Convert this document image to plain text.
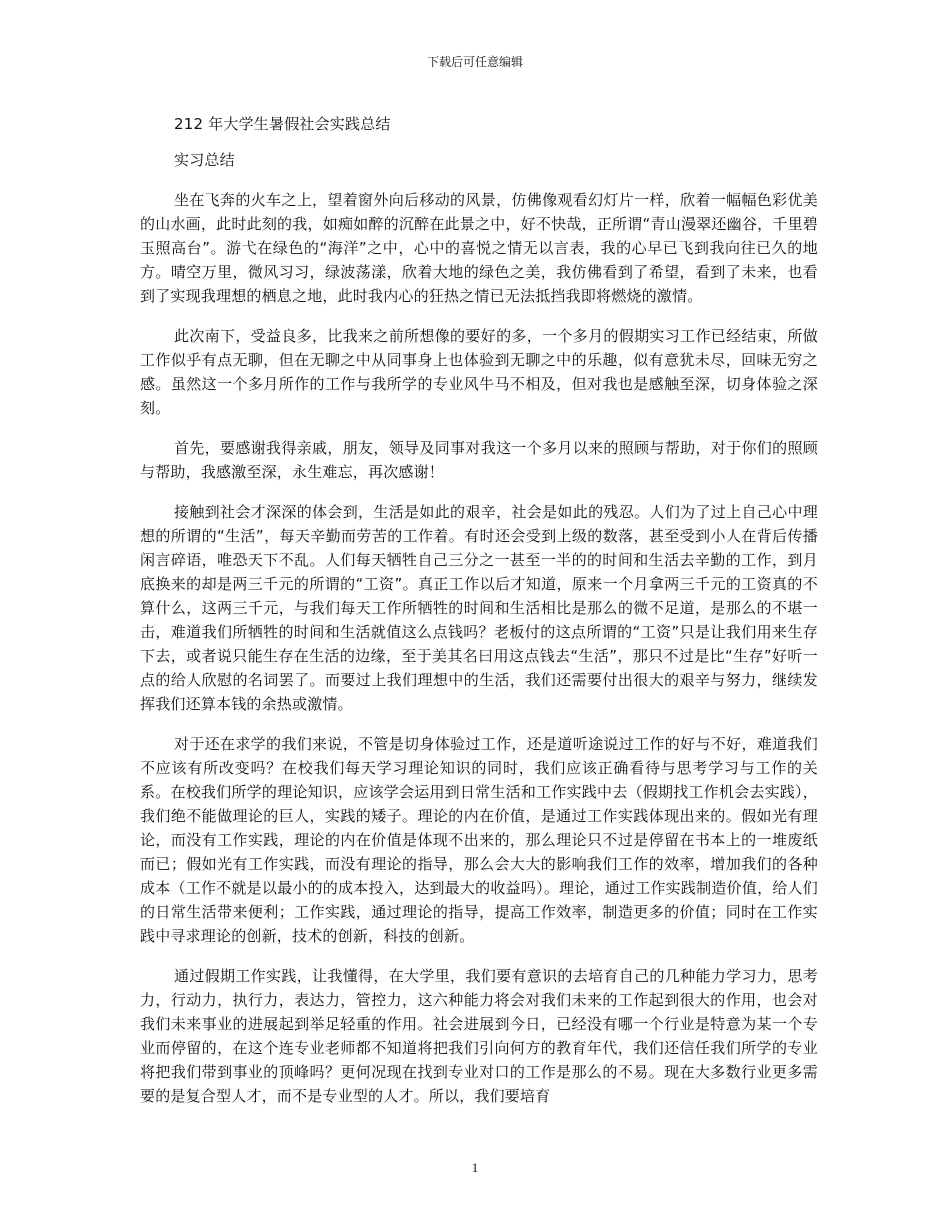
下载后可任意编辑

212 年大学生暑假社会实践总结

实习总结

坐在飞奔的火车之上，望着窗外向后移动的风景，仿佛像观看幻灯片一样，欣着一幅幅色彩优美的山水画，此时此刻的我，如痴如醉的沉醉在此景之中，好不快哉，正所谓“青山漫翠还幽谷，千里碧玉照高台”。游弋在绿色的“海洋”之中，心中的喜悦之情无以言表，我的心早已飞到我向往已久的地方。晴空万里，微风习习，绿波荡漾，欣着大地的绿色之美，我仿佛看到了希望，看到了未来，也看到了实现我理想的栖息之地，此时我内心的狂热之情已无法抵挡我即将燃烧的激情。

此次南下，受益良多，比我来之前所想像的要好的多，一个多月的假期实习工作已经结束，所做工作似乎有点无聊，但在无聊之中从同事身上也体验到无聊之中的乐趣，似有意犹未尽，回味无穷之感。虽然这一个多月所作的工作与我所学的专业风牛马不相及，但对我也是感触至深，切身体验之深刻。

首先，要感谢我得亲戚，朋友，领导及同事对我这一个多月以来的照顾与帮助，对于你们的照顾与帮助，我感激至深，永生难忘，再次感谢！

接触到社会才深深的体会到，生活是如此的艰辛，社会是如此的残忍。人们为了过上自己心中理想的所谓的“生活”，每天辛勤而劳苦的工作着。有时还会受到上级的数落，甚至受到小人在背后传播闲言碎语，唯恐天下不乱。人们每天牺牲自己三分之一甚至一半的的时间和生活去辛勤的工作，到月底换来的却是两三千元的所谓的“工资”。真正工作以后才知道，原来一个月拿两三千元的工资真的不算什么，这两三千元，与我们每天工作所牺牲的时间和生活相比是那么的微不足道，是那么的不堪一击，难道我们所牺牲的时间和生活就值这么点钱吗？老板付的这点所谓的“工资”只是让我们用来生存下去，或者说只能生存在生活的边缘，至于美其名曰用这点钱去“生活”，那只不过是比“生存”好听一点的给人欣慰的名词罢了。而要过上我们理想中的生活，我们还需要付出很大的艰辛与努力，继续发挥我们还算本钱的余热或激情。

对于还在求学的我们来说，不管是切身体验过工作，还是道听途说过工作的好与不好，难道我们不应该有所改变吗？在校我们每天学习理论知识的同时，我们应该正确看待与思考学习与工作的关系。在校我们所学的理论知识，应该学会运用到日常生活和工作实践中去（假期找工作机会去实践），我们绝不能做理论的巨人，实践的矮子。理论的内在价值，是通过工作实践体现出来的。假如光有理论，而没有工作实践，理论的内在价值是体现不出来的，那么理论只不过是停留在书本上的一堆废纸而已；假如光有工作实践，而没有理论的指导，那么会大大的影响我们工作的效率，增加我们的各种成本（工作不就是以最小的的成本投入，达到最大的收益吗）。理论，通过工作实践制造价值，给人们的日常生活带来便利；工作实践，通过理论的指导，提高工作效率，制造更多的价值；同时在工作实践中寻求理论的创新，技术的创新，科技的创新。

通过假期工作实践，让我懂得，在大学里，我们要有意识的去培育自己的几种能力学习力，思考力，行动力，执行力，表达力，管控力，这六种能力将会对我们未来的工作起到很大的作用，也会对我们未来事业的进展起到举足轻重的作用。社会进展到今日，已经没有哪一个行业是特意为某一个专业而停留的，在这个连专业老师都不知道将把我们引向何方的教育年代，我们还信任我们所学的专业将把我们带到事业的顶峰吗？更何况现在找到专业对口的工作是那么的不易。现在大多数行业更多需要的是复合型人才，而不是专业型的人才。所以，我们要培育

1
